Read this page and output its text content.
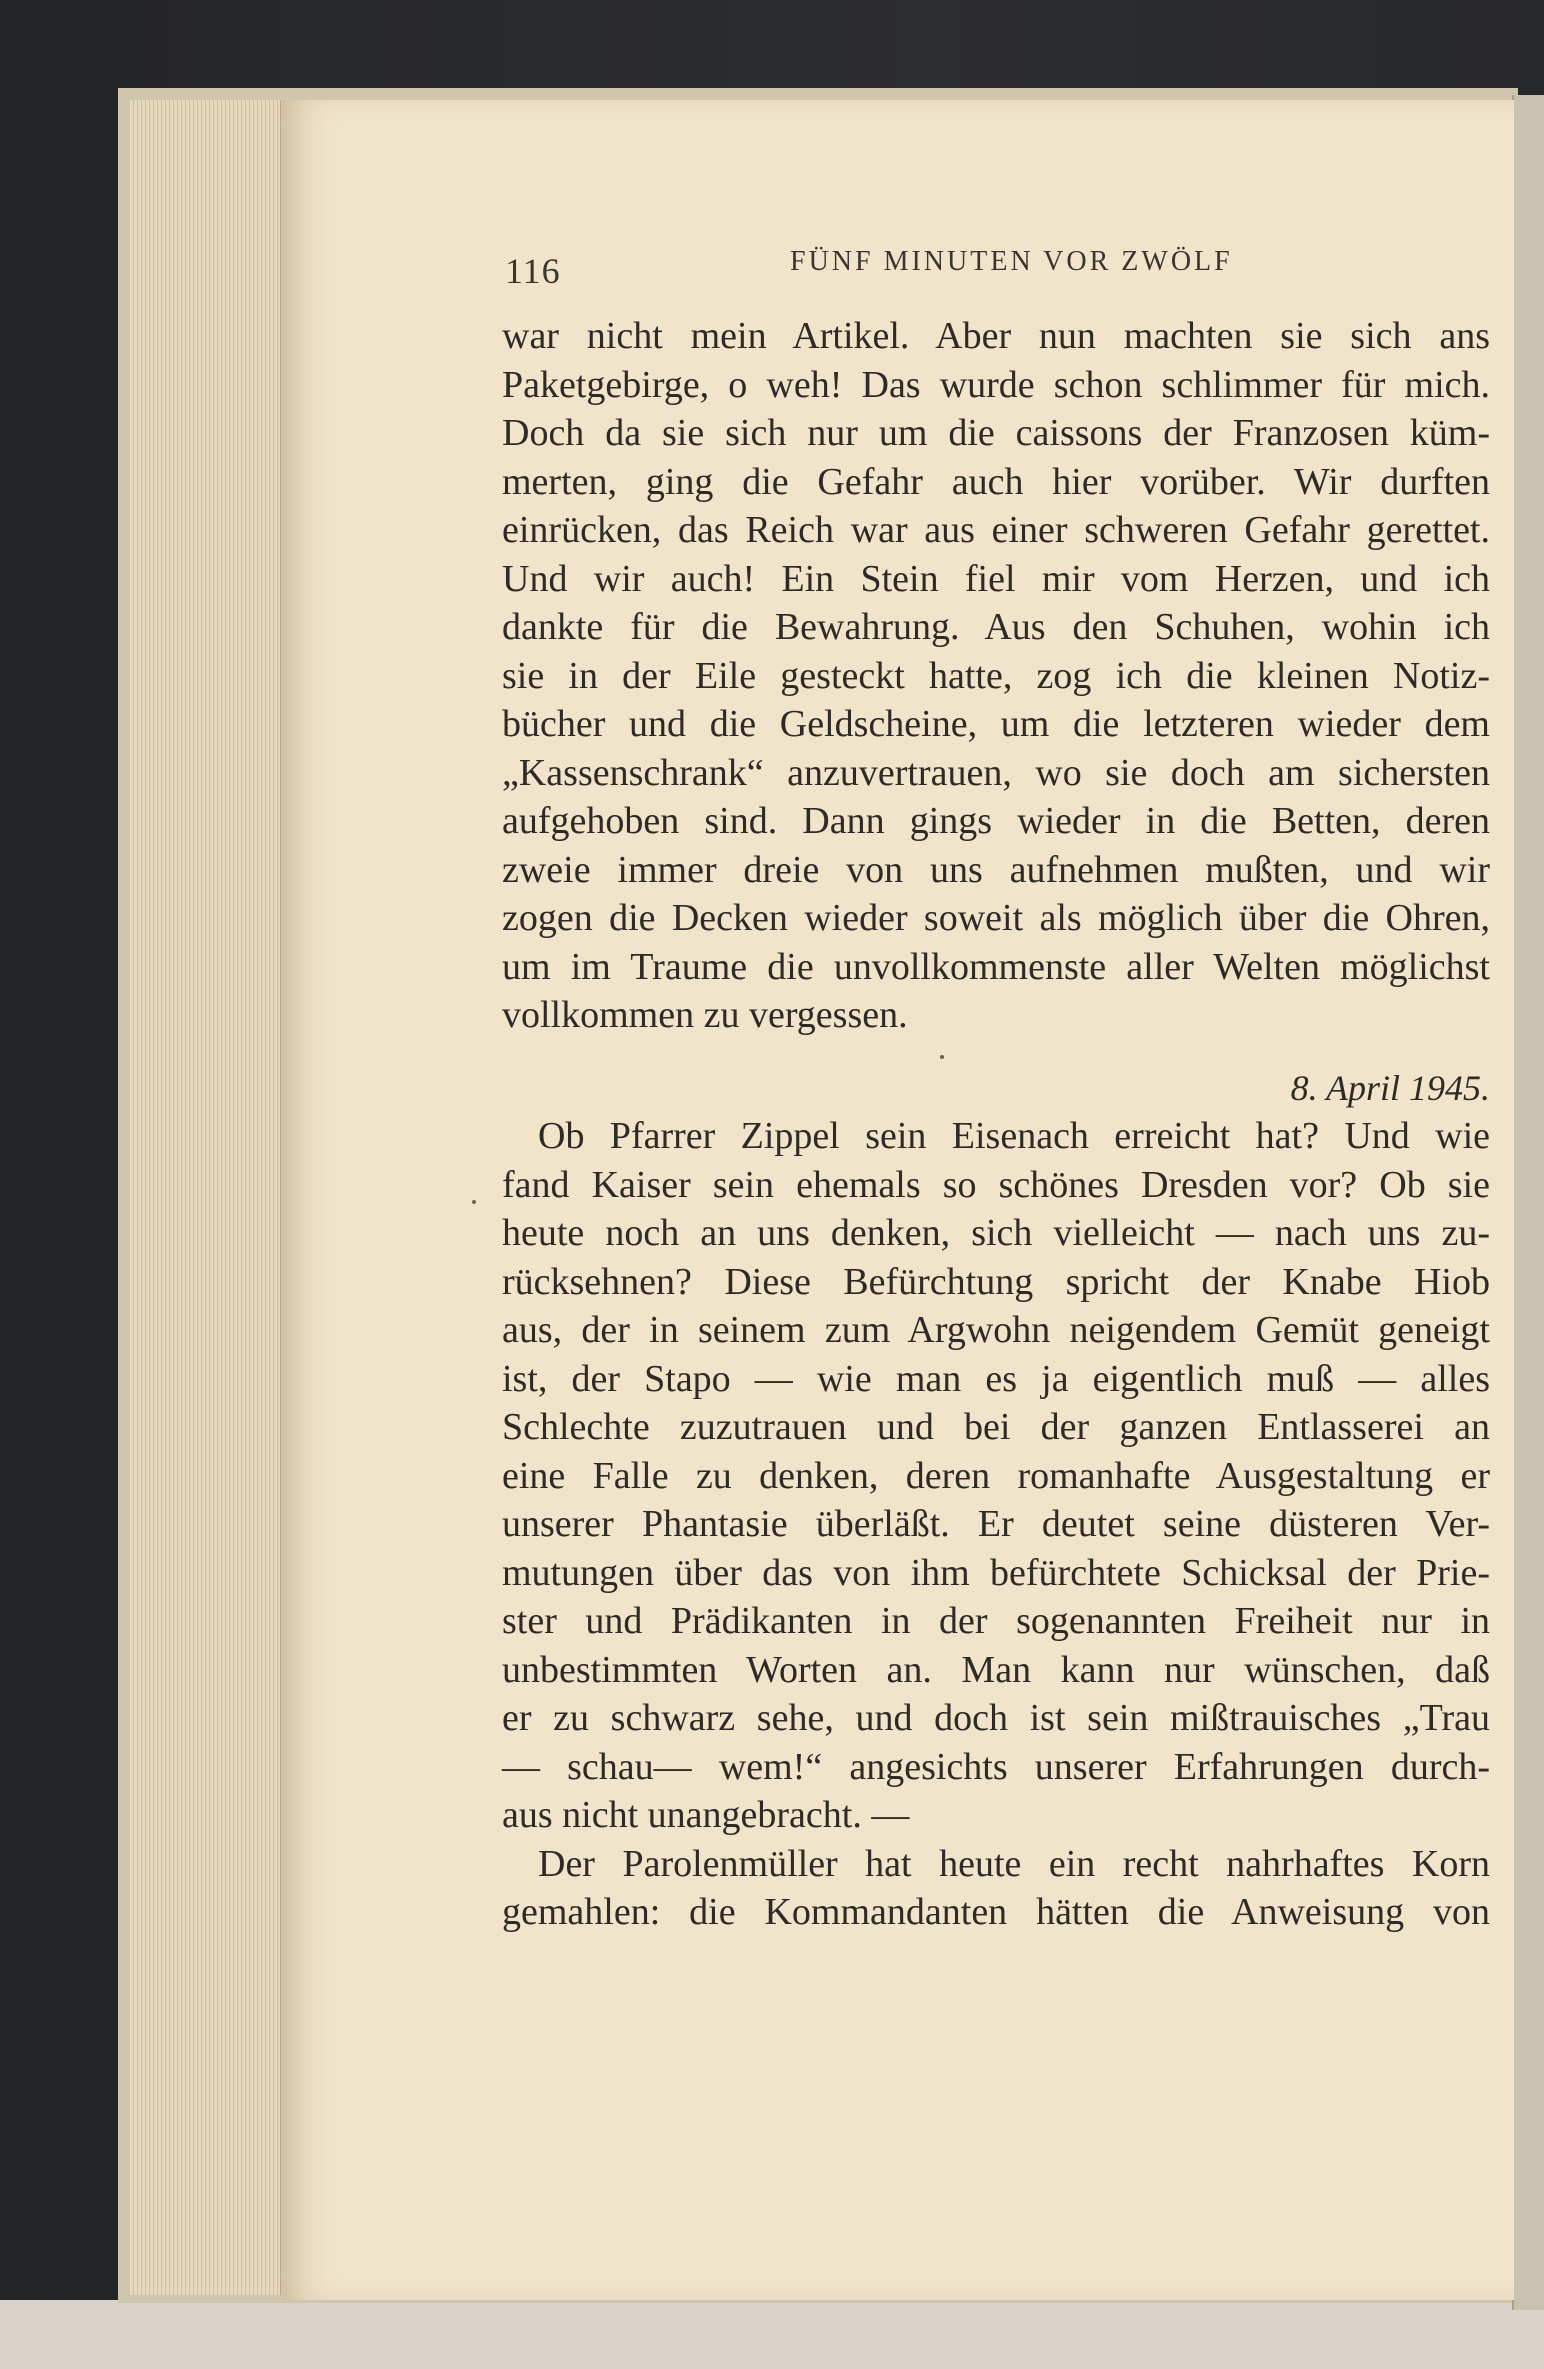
116	FÜNF MINUTEN VOR ZWÖLF
war nicht mein Artikel. Aber nun machten sie sich ans
Paketgebirge, o weh! Das wurde schon schlimmer für mich.
Doch da sie sich nur um die caissons der Franzosen küm-
merten, ging die Gefahr auch hier vorüber. Wir durften
einrücken, das Reich war aus einer schweren Gefahr gerettet.
Und wir auch! Ein Stein fiel mir vom Herzen, und ich
dankte für die Bewahrung. Aus den Schuhen, wohin ich
sie in der Eile gesteckt hatte, zog ich die kleinen Notiz-
bücher und die Geldscheine, um die letzteren wieder dem
„Kassenschrank“ anzuvertrauen, wo sie doch am sichersten
aufgehoben sind. Dann gings wieder in die Betten, deren
zweie immer dreie von uns aufnehmen mußten, und wir
zogen die Decken wieder soweit als möglich über die Ohren,
um im Traume die unvollkommenste aller Welten möglichst
vollkommen zu vergessen.
8. April 1945.
Ob Pfarrer Zippel sein Eisenach erreicht hat? Und wie
fand Kaiser sein ehemals so schönes Dresden vor? Ob sie
heute noch an uns denken, sich vielleicht — nach uns zu-
rücksehnen? Diese Befürchtung spricht der Knabe Hiob
aus, der in seinem zum Argwohn neigendem Gemüt geneigt
ist, der Stapo — wie man es ja eigentlich muß — alles
Schlechte zuzutrauen und bei der ganzen Entlasserei an
eine Falle zu denken, deren romanhafte Ausgestaltung er
unserer Phantasie überläßt. Er deutet seine düsteren Ver-
mutungen über das von ihm befürchtete Schicksal der Prie-
ster und Prädikanten in der sogenannten Freiheit nur in
unbestimmten Worten an. Man kann nur wünschen, daß
er zu schwarz sehe, und doch ist sein mißtrauisches „Trau
— schau— wem!“ angesichts unserer Erfahrungen durch-
aus nicht unangebracht. —
Der Parolenmüller hat heute ein recht nahrhaftes Korn
gemahlen: die Kommandanten hätten die Anweisung von
